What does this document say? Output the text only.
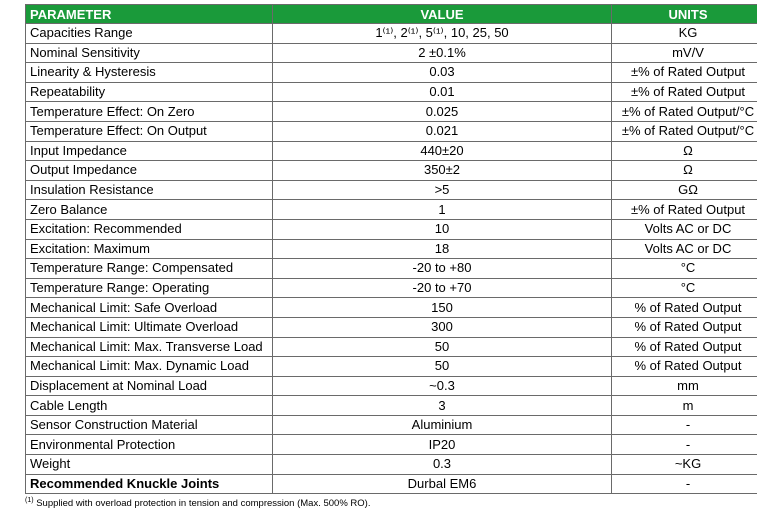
PARAMETER	VALUE	UNITS
Capacities Range	1⁽¹⁾, 2⁽¹⁾, 5⁽¹⁾, 10, 25, 50	KG
Nominal Sensitivity	2 ±0.1%	mV/V
Linearity & Hysteresis	0.03	±% of Rated Output
Repeatability	0.01	±% of Rated Output
Temperature Effect: On Zero	0.025	±% of Rated Output/°C
Temperature Effect: On Output	0.021	±% of Rated Output/°C
Input Impedance	440±20	Ω
Output Impedance	350±2	Ω
Insulation Resistance	>5	GΩ
Zero Balance	1	±% of Rated Output
Excitation: Recommended	10	Volts AC or DC
Excitation: Maximum	18	Volts AC or DC
Temperature Range: Compensated	-20 to +80	°C
Temperature Range: Operating	-20 to +70	°C
Mechanical Limit: Safe Overload	150	% of Rated Output
Mechanical Limit: Ultimate Overload	300	% of Rated Output
Mechanical Limit: Max. Transverse Load	50	% of Rated Output
Mechanical Limit: Max. Dynamic Load	50	% of Rated Output
Displacement at Nominal Load	~0.3	mm
Cable Length	3	m
Sensor Construction Material	Aluminium	-
Environmental Protection	IP20	-
Weight	0.3	~KG
Recommended Knuckle Joints	Durbal EM6	-
$^{(1)}$ Supplied with overload protection in tension and compression (Max. 500% RO).
